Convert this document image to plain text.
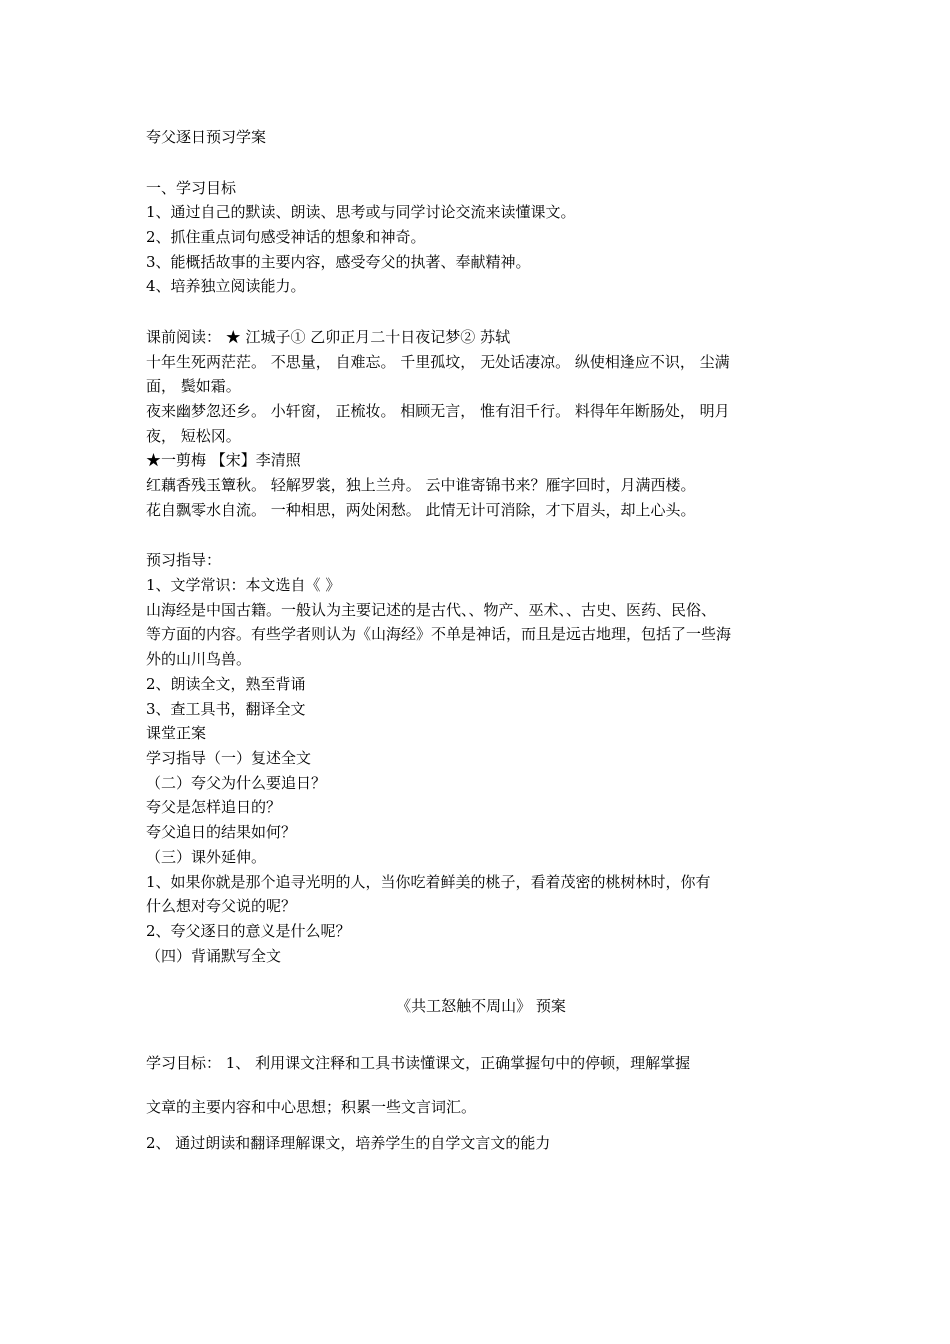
夸父逐日预习学案
一、学习目标
1、通过自己的默读、朗读、思考或与同学讨论交流来读懂课文。
2、抓住重点词句感受神话的想象和神奇。
3、能概括故事的主要内容，感受夸父的执著、奉献精神。
4、培养独立阅读能力。
课前阅读： ★ 江城子① 乙卯正月二十日夜记梦② 苏轼
十年生死两茫茫。 不思量， 自难忘。 千里孤坟， 无处话凄凉。 纵使相逢应不识， 尘满
面， 鬓如霜。
夜来幽梦忽还乡。 小轩窗， 正梳妆。 相顾无言， 惟有泪千行。 料得年年断肠处， 明月
夜， 短松冈。
★一剪梅 【宋】李清照
红藕香残玉簟秋。 轻解罗裳，独上兰舟。 云中谁寄锦书来？雁字回时，月满西楼。
花自飘零水自流。 一种相思，两处闲愁。 此情无计可消除，才下眉头，却上心头。
预习指导：
1、文学常识：本文选自《 》
山海经是中国古籍。一般认为主要记述的是古代、、物产、巫术、、古史、医药、民俗、
等方面的内容。有些学者则认为《山海经》不单是神话，而且是远古地理，包括了一些海
外的山川鸟兽。
2、朗读全文，熟至背诵
3、查工具书，翻译全文
课堂正案
学习指导（一）复述全文
（二）夸父为什么要追日？
夸父是怎样追日的？
夸父追日的结果如何？
（三）课外延伸。
1、如果你就是那个追寻光明的人，当你吃着鲜美的桃子，看着茂密的桃树林时，你有
什么想对夸父说的呢？
2、夸父逐日的意义是什么呢？
（四）背诵默写全文
《共工怒触不周山》 预案
学习目标： 1、 利用课文注释和工具书读懂课文，正确掌握句中的停顿，理解掌握
文章的主要内容和中心思想；积累一些文言词汇。
2、 通过朗读和翻译理解课文，培养学生的自学文言文的能力
